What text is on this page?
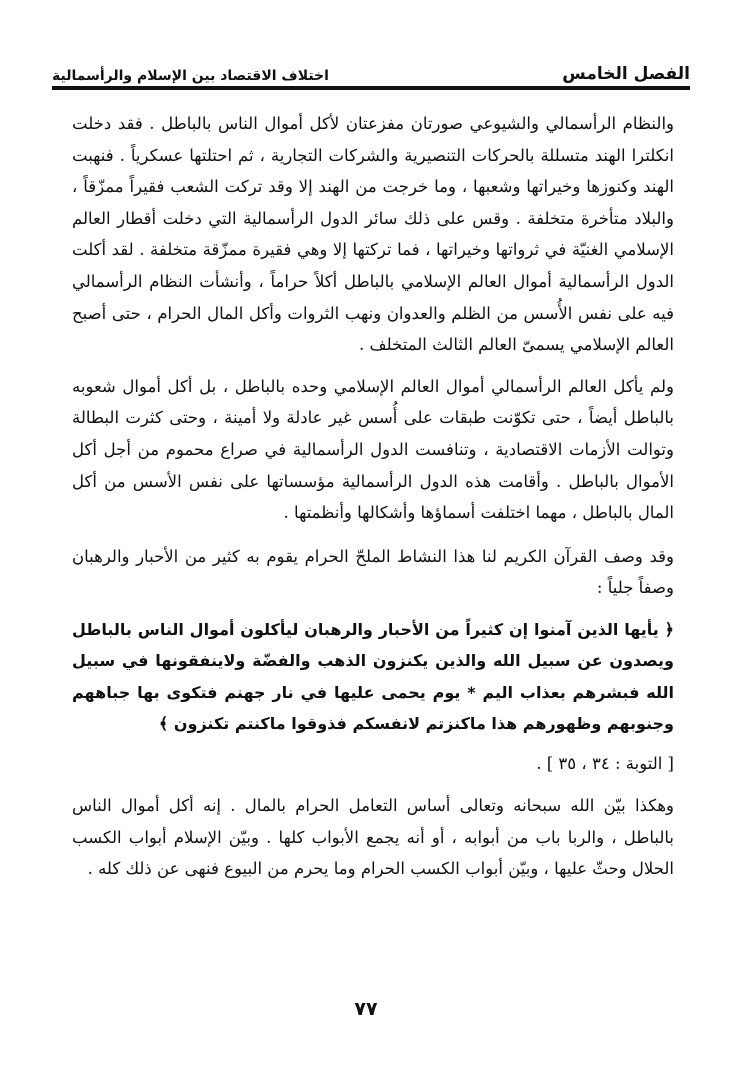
الفصل الخامس
اختلاف الاقتصاد بين الإسلام والرأسمالية

والنظام الرأسمالي والشيوعي صورتان مفزعتان لأكل أموال الناس بالباطل . فقد دخلت انكلترا الهند متسللة بالحركات التنصيرية والشركات التجارية ، ثم احتلتها عسكرياً . فنهبت الهند وكنوزها وخيراتها وشعبها ، وما خرجت من الهند إلا وقد تركت الشعب فقيراً ممزّقاً ، والبلاد متأخرة متخلفة . وقس على ذلك سائر الدول الرأسمالية التي دخلت أقطار العالم الإسلامي الغنيّة في ثرواتها وخيراتها ، فما تركتها إلا وهي فقيرة ممزّقة متخلفة . لقد أكلت الدول الرأسمالية أموال العالم الإسلامي بالباطل أكلاً حراماً ، وأنشأت النظام الرأسمالي فيه على نفس الأُسس من الظلم والعدوان ونهب الثروات وأكل المال الحرام ، حتى أصبح العالم الإسلامي يسمىّ العالم الثالث المتخلف .

ولم يأكل العالم الرأسمالي أموال العالم الإسلامي وحده بالباطل ، بل أكل أموال شعوبه بالباطل أيضاً ، حتى تكوّنت طبقات على أُسس غير عادلة ولا أمينة ، وحتى كثرت البطالة وتوالت الأزمات الاقتصادية ، وتنافست الدول الرأسمالية في صراع محموم من أجل أكل الأموال بالباطل . وأقامت هذه الدول الرأسمالية مؤسساتها على نفس الأسس من أكل المال بالباطل ، مهما اختلفت أسماؤها وأشكالها وأنظمتها .

وقد وصف القرآن الكريم لنا هذا النشاط الملحّ الحرام يقوم به كثير من الأحبار والرهبان وصفاً جلياً :

﴿ يأيها الذين آمنوا إن كثيراً من الأحبار والرهبان ليأكلون أموال الناس بالباطل ويصدون عن سبيل الله والذين يكنزون الذهب والفضّة ولاينفقونها في سبيل الله فبشرهم بعذاب اليم * يوم يحمى عليها في نار جهنم فتكوى بها جباههم وجنوبهم وظهورهم هذا ماكنزتم لانفسكم فذوقوا ماكنتم تكنزون ﴾

[ التوبة : ٣٤ ، ٣٥ ] .

وهكذا بيّن الله سبحانه وتعالى أساس التعامل الحرام بالمال . إنه أكل أموال الناس بالباطل ، والربا باب من أبوابه ، أو أنه يجمع الأبواب كلها . وبيّن الإسلام أبواب الكسب الحلال وحثّ عليها ، وبيّن أبواب الكسب الحرام وما يحرم من البيوع فنهى عن ذلك كله .

٧٧
